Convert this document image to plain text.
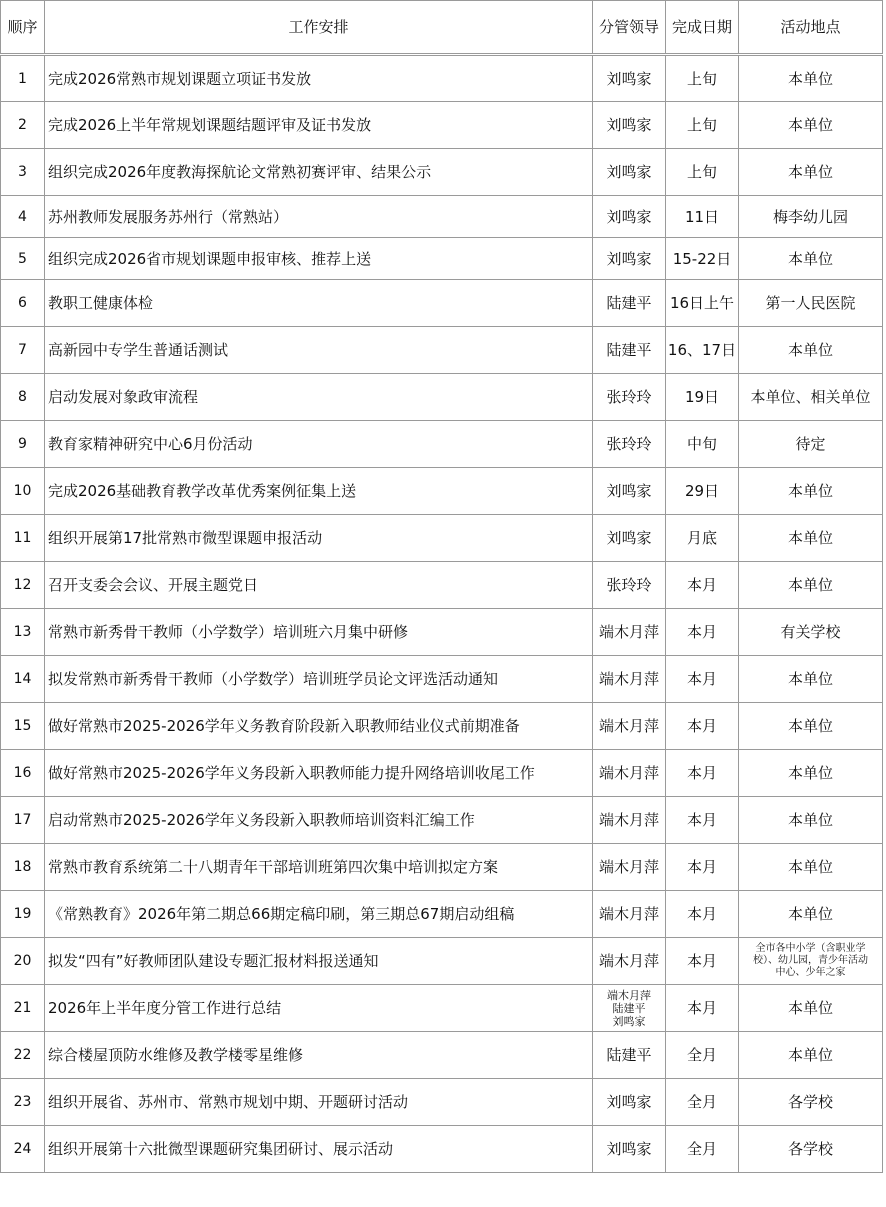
顺序	工作安排	分管领导	完成日期	活动地点
1	完成2026常熟市规划课题立项证书发放	刘鸣家	上旬	本单位

2	完成2026上半年常规划课题结题评审及证书发放	刘鸣家	上旬	本单位

3	组织完成2026年度教海探航论文常熟初赛评审、结果公示	刘鸣家	上旬	本单位

4	苏州教师发展服务苏州行（常熟站）	刘鸣家	11日	梅李幼儿园

5	组织完成2026省市规划课题申报审核、推荐上送	刘鸣家	15-22日	本单位

6	教职工健康体检	陆建平	16日上午	第一人民医院

7	高新园中专学生普通话测试	陆建平	16、17日	本单位

8	启动发展对象政审流程	张玲玲	19日	本单位、相关单位

9	教育家精神研究中心6月份活动	张玲玲	中旬	待定

10	完成2026基础教育教学改革优秀案例征集上送	刘鸣家	29日	本单位

11	组织开展第17批常熟市微型课题申报活动	刘鸣家	月底	本单位

12	召开支委会会议、开展主题党日	张玲玲	本月	本单位

13	常熟市新秀骨干教师（小学数学）培训班六月集中研修	端木月萍	本月	有关学校

14	拟发常熟市新秀骨干教师（小学数学）培训班学员论文评选活动通知	端木月萍	本月	本单位

15	做好常熟市2025-2026学年义务教育阶段新入职教师结业仪式前期准备	端木月萍	本月	本单位

16	做好常熟市2025-2026学年义务段新入职教师能力提升网络培训收尾工作	端木月萍	本月	本单位

17	启动常熟市2025-2026学年义务段新入职教师培训资料汇编工作	端木月萍	本月	本单位

18	常熟市教育系统第二十八期青年干部培训班第四次集中培训拟定方案	端木月萍	本月	本单位

19	《常熟教育》2026年第二期总66期定稿印刷，第三期总67期启动组稿	端木月萍	本月	本单位

20	拟发“四有”好教师团队建设专题汇报材料报送通知	端木月萍	本月	全市各中小学（含职业学
校）、幼儿园，青少年活动
中心、少年之家

21	2026年上半年度分管工作进行总结	端木月萍
陆建平
刘鸣家	本月	本单位

22	综合楼屋顶防水维修及教学楼零星维修	陆建平	全月	本单位

23	组织开展省、苏州市、常熟市规划中期、开题研讨活动	刘鸣家	全月	各学校

24	组织开展第十六批微型课题研究集团研讨、展示活动	刘鸣家	全月	各学校
